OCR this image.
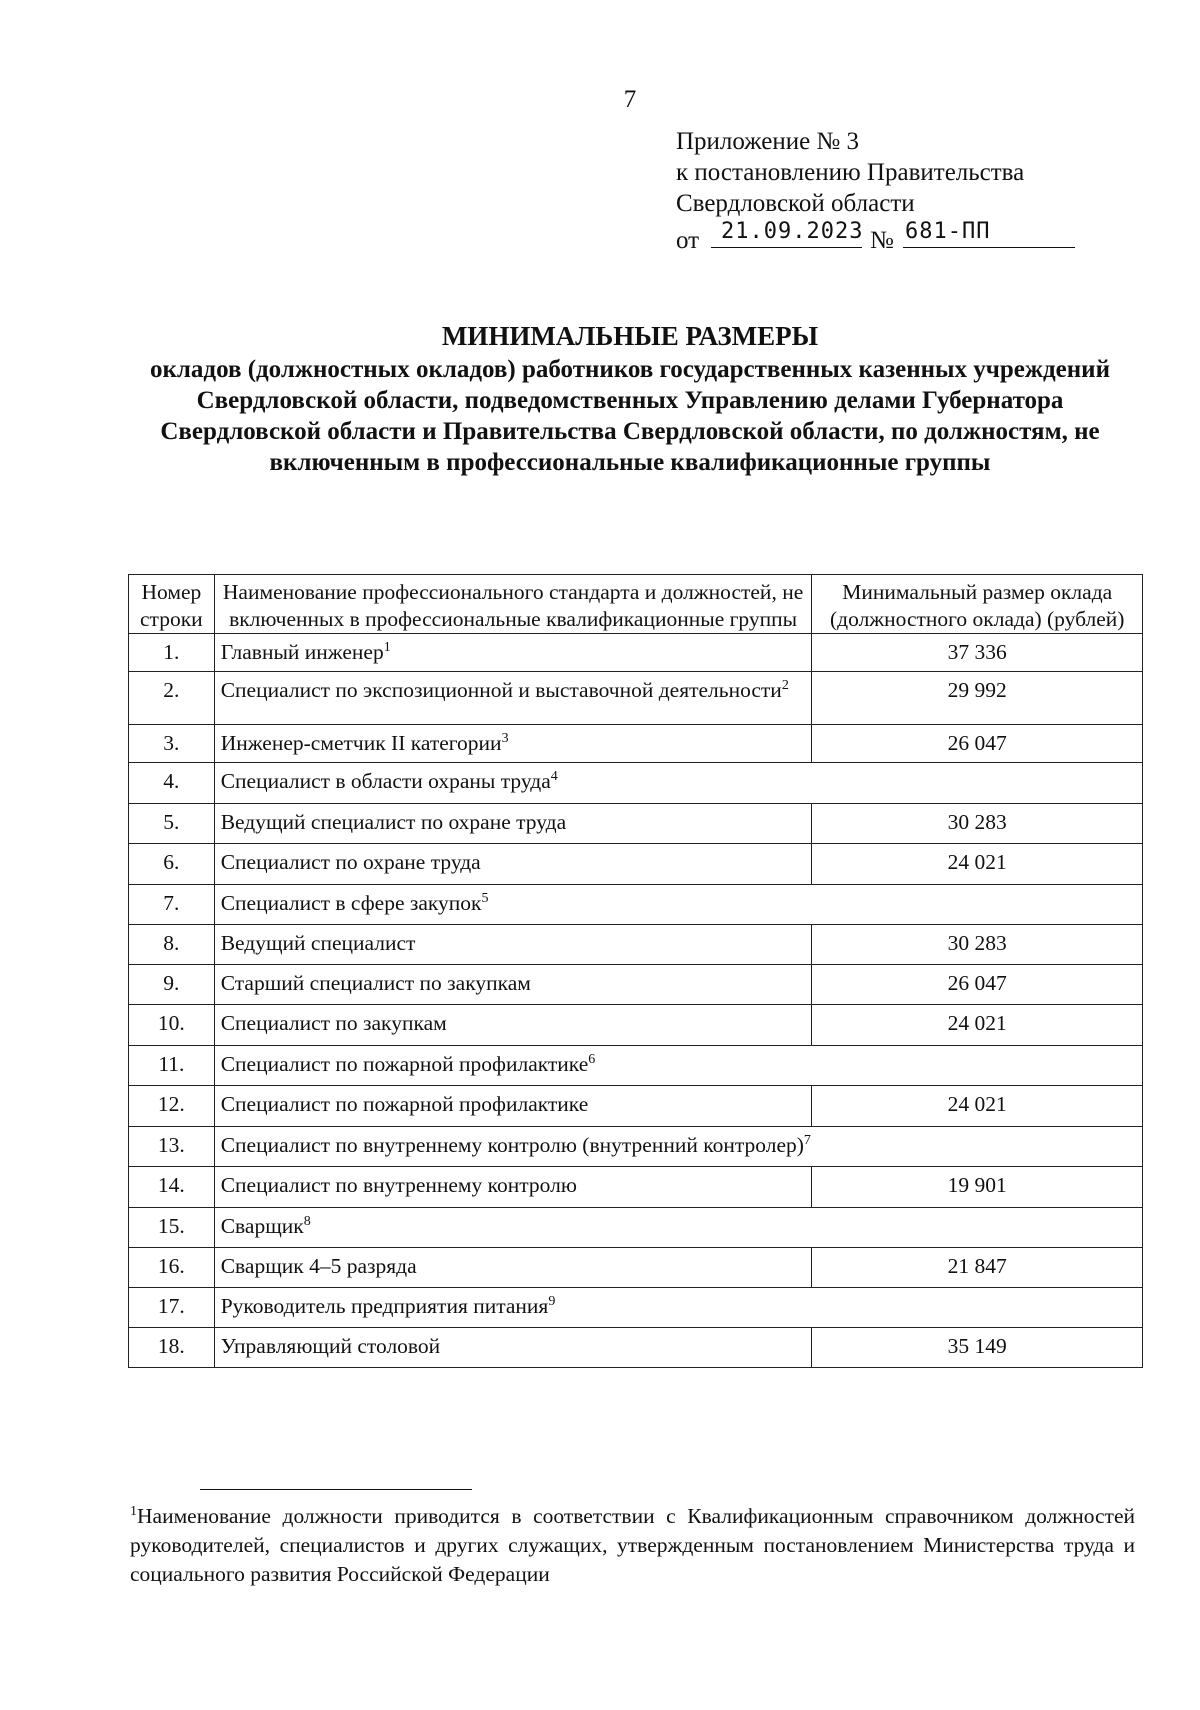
7
Приложение № 3
к постановлению Правительства
Свердловской области
от 21.09.2023 № 681-ПП
МИНИМАЛЬНЫЕ РАЗМЕРЫ
окладов (должностных окладов) работников государственных казенных учреждений Свердловской области, подведомственных Управлению делами Губернатора Свердловской области и Правительства Свердловской области, по должностям, не включенным в профессиональные квалификационные группы
Номер строки	Наименование профессионального стандарта и должностей, не включенных в профессиональные квалификационные группы	Минимальный размер оклада (должностного оклада) (рублей)
1.	Главный инженер$^1$	37 336
2.	Специалист по экспозиционной и выставочной деятельности$^2$	29 992
3.	Инженер-сметчик II категории$^3$	26 047
4.	Специалист в области охраны труда$^4$
5.	Ведущий специалист по охране труда	30 283
6.	Специалист по охране труда	24 021
7.	Специалист в сфере закупок$^5$
8.	Ведущий специалист	30 283
9.	Старший специалист по закупкам	26 047
10.	Специалист по закупкам	24 021
11.	Специалист по пожарной профилактике$^6$
12.	Специалист по пожарной профилактике	24 021
13.	Специалист по внутреннему контролю (внутренний контролер)$^7$
14.	Специалист по внутреннему контролю	19 901
15.	Сварщик$^8$
16.	Сварщик 4–5 разряда	21 847
17.	Руководитель предприятия питания$^9$
18.	Управляющий столовой	35 149
$^1$Наименование должности приводится в соответствии с Квалификационным справочником должностей руководителей, специалистов и других служащих, утвержденным постановлением Министерства труда и социального развития Российской Федерации
